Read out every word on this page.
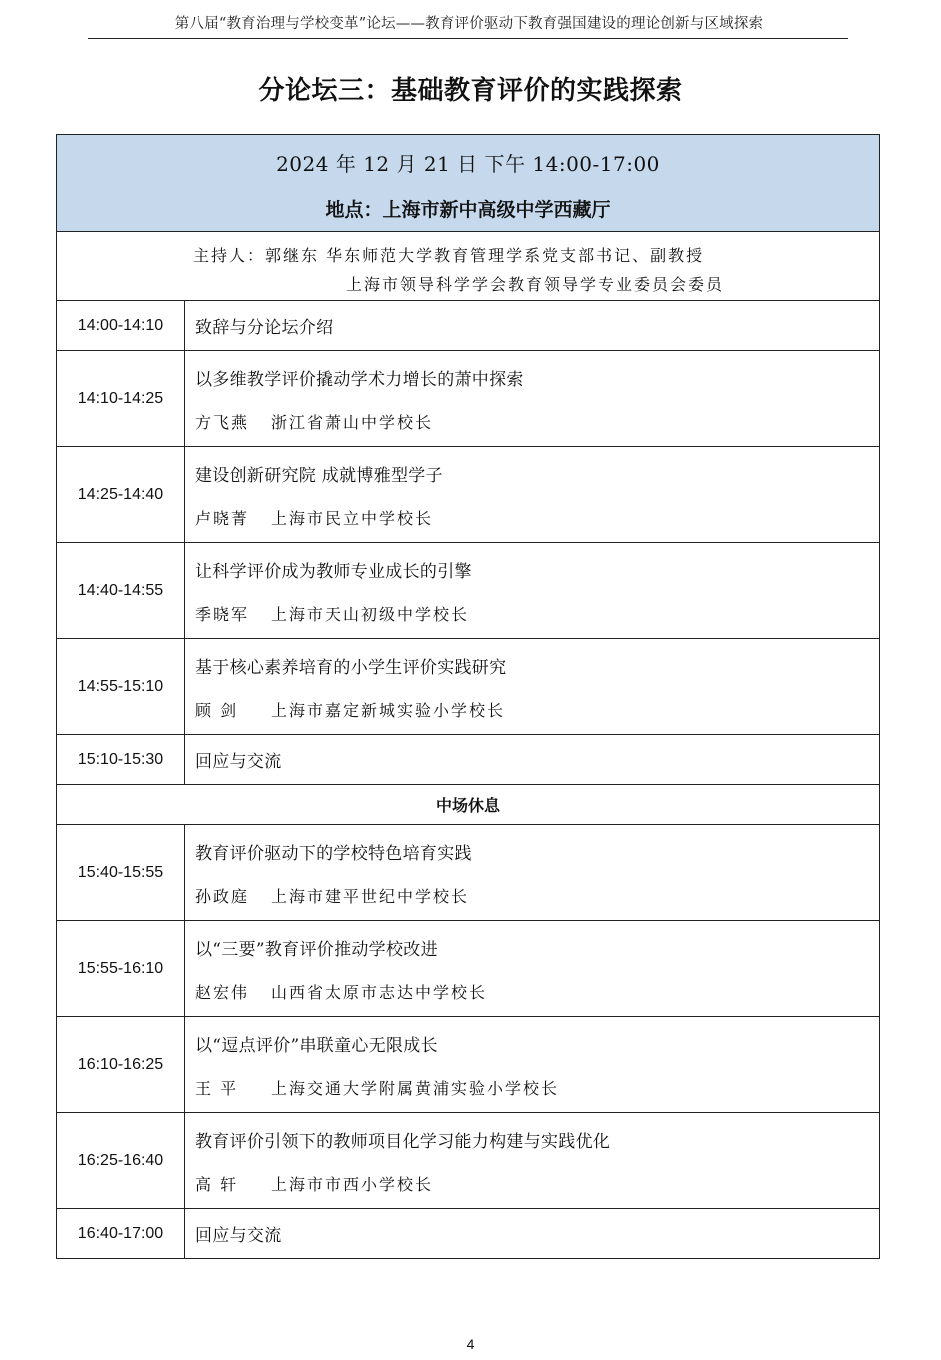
第八届“教育治理与学校变革”论坛——教育评价驱动下教育强国建设的理论创新与区域探索
分论坛三：基础教育评价的实践探索
2024 年 12 月 21 日 下午 14:00-17:00
地点：上海市新中高级中学西藏厅	

主持人：郭继东 华东师范大学教育管理学系党支部书记、副教授
上海市领导科学学会教育领导学专业委员会委员	

14:00-14:10	致辞与分论坛介绍

14:10-14:25	以多维教学评价撬动学术力增长的萧中探索
方飞燕 浙江省萧山中学校长

14:25-14:40	建设创新研究院 成就博雅型学子
卢晓菁 上海市民立中学校长

14:40-14:55	让科学评价成为教师专业成长的引擎
季晓军 上海市天山初级中学校长

14:55-15:10	基于核心素养培育的小学生评价实践研究
顾 剑 上海市嘉定新城实验小学校长

15:10-15:30	回应与交流

中场休息	
15:40-15:55	教育评价驱动下的学校特色培育实践
孙政庭 上海市建平世纪中学校长

15:55-16:10	以“三要”教育评价推动学校改进
赵宏伟 山西省太原市志达中学校长

16:10-16:25	以“逗点评价”串联童心无限成长
王 平 上海交通大学附属黄浦实验小学校长

16:25-16:40	教育评价引领下的教师项目化学习能力构建与实践优化
高 轩 上海市市西小学校长

16:40-17:00	回应与交流
4
